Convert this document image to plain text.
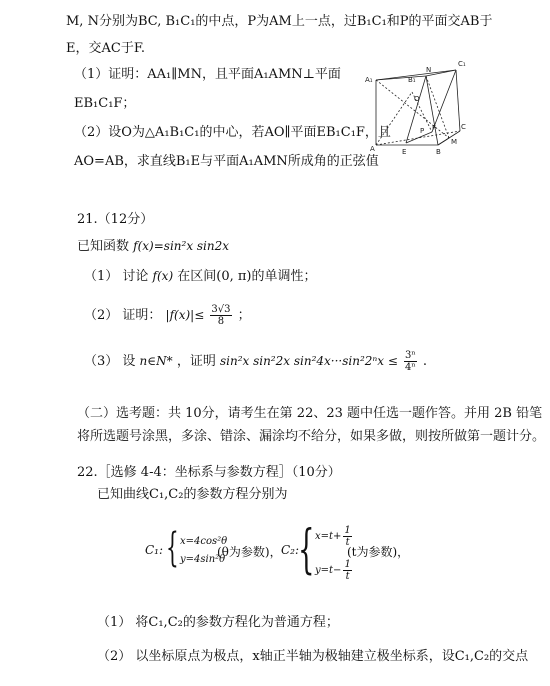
M, N分别为BC, B₁C₁的中点，P为AM上一点，过B₁C₁和P的平面交AB于
E，交AC于F.
（1）证明：AA₁∥MN，且平面A₁AMN⊥平面
EB₁C₁F；
（2）设O为△A₁B₁C₁的中心，若AO∥平面EB₁C₁F，且
AO=AB，求直线B₁E与平面A₁AMN所成角的正弦值
A₁
N
C₁
B₁
O
P F
A	E
C
M
B
21.（12分）
已知函数 f(x)=sin²x sin2x
（1） 讨论 f(x) 在区间(0, π)的单调性；
（2） 证明： $|f(x)|\le \frac{3√3}{8}$ ；
（3） 设 n∈N* ，证明 sin²x sin²2x $\sin^24x\cdot\cdot\cdot\sin^22^nx \le \frac{\text{3ⁿ}}{\text{4ⁿ}}$ .
（二）选考题：共 10分，请考生在第 22、23 题中任选一题作答。并用 2B 铅笔
将所选题号涂黑，多涂、错涂、漏涂均不给分，如果多做，则按所做第一题计分。
22.［选修 4-4：坐标系与参数方程］（10分）
已知曲线C₁,C₂的参数方程分别为
C₁: { x=4cos²θ
y=4sin²θ
(θ为参数)， C₂:
{ $x=t+ \frac{1}{t}$
$y=t- \frac{1}{t}$
(t为参数)，
（1） 将C₁,C₂的参数方程化为普通方程；
（2） 以坐标原点为极点，x轴正半轴为极轴建立极坐标系，设C₁,C₂的交点
